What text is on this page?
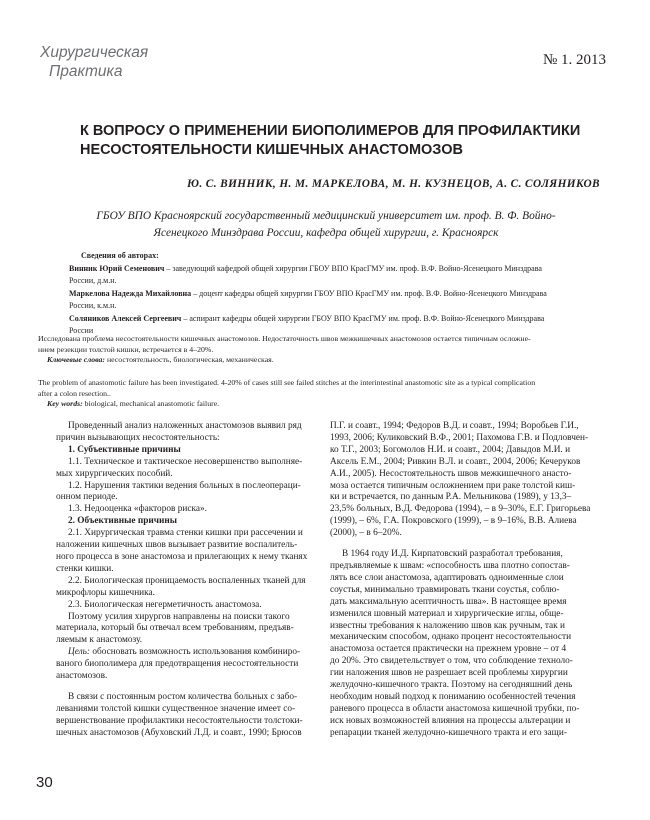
Хирургическая
Практика
№ 1. 2013
К ВОПРОСУ О ПРИМЕНЕНИИ БИОПОЛИМЕРОВ ДЛЯ ПРОФИЛАКТИКИ
НЕСОСТОЯТЕЛЬНОСТИ КИШЕЧНЫХ АНАСТОМОЗОВ
Ю. С. ВИННИК, Н. М. МАРКЕЛОВА, М. Н. КУЗНЕЦОВ, А. С. СОЛЯНИКОВ
ГБОУ ВПО Красноярский государственный медицинский университет им. проф. В. Ф. Войно-
Ясенецкого Минздрава России, кафедра общей хирургии, г. Красноярск
Сведения об авторах:
Винник Юрий Семенович – заведующий кафедрой общей хирургии ГБОУ ВПО КрасГМУ им. проф. В.Ф. Войно-Ясенецкого Минздрава
России, д.м.н.
Маркелова Надежда Михайловна – доцент кафедры общей хирургии ГБОУ ВПО КрасГМУ им. проф. В.Ф. Войно-Ясенецкого Минздрава
России, к.м.н.
Соляников Алексей Сергеевич – аспирант кафедры общей хирургии ГБОУ ВПО КрасГМУ им. проф. В.Ф. Войно-Ясенецкого Минздрава
России
Исследована проблема несостоятельности кишечных анастомозов. Недостаточность швов межкишечных анастомозов остается типичным осложне-
нием резекции толстой кишки, встречается в 4–20%.
Ключевые слова: несостоятельность, биологическая, механическая.
The problem of anastomotic failure has been investigated. 4-20% of cases still see failed stitches at the interintestinal anastomotic site as a typical complication
after a colon resection..
Key words: biological, mechanical anastomotic failure.

Проведенный анализ наложенных анастомозов выявил ряд
причин вызывающих несостоятельность:

1. Субъективные причины

1.1. Техническое и тактическое несовершенство выполняе-
мых хирургических пособий.

1.2. Нарушения тактики ведения больных в послеопераци-
онном периоде.

1.3. Недооценка «факторов риска».

2. Объективные причины

2.1. Хирургическая травма стенки кишки при рассечении и
наложении кишечных швов вызывает развитие воспалитель-
ного процесса в зоне анастомоза и прилегающих к нему тканях
стенки кишки.

2.2. Биологическая проницаемость воспаленных тканей для
микрофлоры кишечника.

2.3. Биологическая негерметичность анастомоза.

Поэтому усилия хирургов направлены на поиски такого
материала, который бы отвечал всем требованиям, предъяв-
ляемым к анастомозу.

Цель: обосновать возможность использования комбиниро-
ваного биополимера для предотвращения несостоятельности
анастомозов.

В связи с постоянным ростом количества больных с забо-
леваниями толстой кишки существенное значение имеет со-
вершенствование профилактики несостоятельности толстоки-
шечных анастомозов (Абуховский Л.Д. и соавт., 1990; Брюсов

П.Г. и соавт., 1994; Федоров В.Д. и соавт., 1994; Воробьев Г.И.,
1993, 2006; Куликовский В.Ф., 2001; Пахомова Г.В. и Подловчен-
ко Т.Г., 2003; Богомолов Н.И. и соавт., 2004; Давыдов М.И. и
Аксель Е.М., 2004; Ривкин В.Л. и соавт., 2004, 2006; Кечеруков
А.И., 2005). Несостоятельность швов межкишечного анасто-
моза остается типичным осложнением при раке толстой киш-
ки и встречается, по данным Р.А. Мельникова (1989), у 13,3–
23,5% больных, В.Д. Федорова (1994), – в 9–30%, Е.Г. Григорьева
(1999), – 6%, Г.А. Покровского (1999), – в 9–16%, В.В. Алиева
(2000), – в 6–20%.

В 1964 году И.Д. Кирпатовский разработал требования,
предъявляемые к швам: «способность шва плотно сопостав-
лять все слои анастомоза, адаптировать одноименные слои
соустья, минимально травмировать ткани соустья, соблю-
дать максимальную асептичность шва». В настоящее время
изменился шовный материал и хирургические иглы, обще-
известны требования к наложению швов как ручным, так и
механическим способом, однако процент несостоятельности
анастомоза остается практически на прежнем уровне – от 4
до 20%. Это свидетельствует о том, что соблюдение техноло-
гии наложения швов не разрешает всей проблемы хирургии
желудочно-кишечного тракта. Поэтому на сегодняшний день
необходим новый подход к пониманию особенностей течения
раневого процесса в области анастомоза кишечной трубки, по-
иск новых возможностей влияния на процессы альтерации и
репарации тканей желудочно-кишечного тракта и его защи-

30
